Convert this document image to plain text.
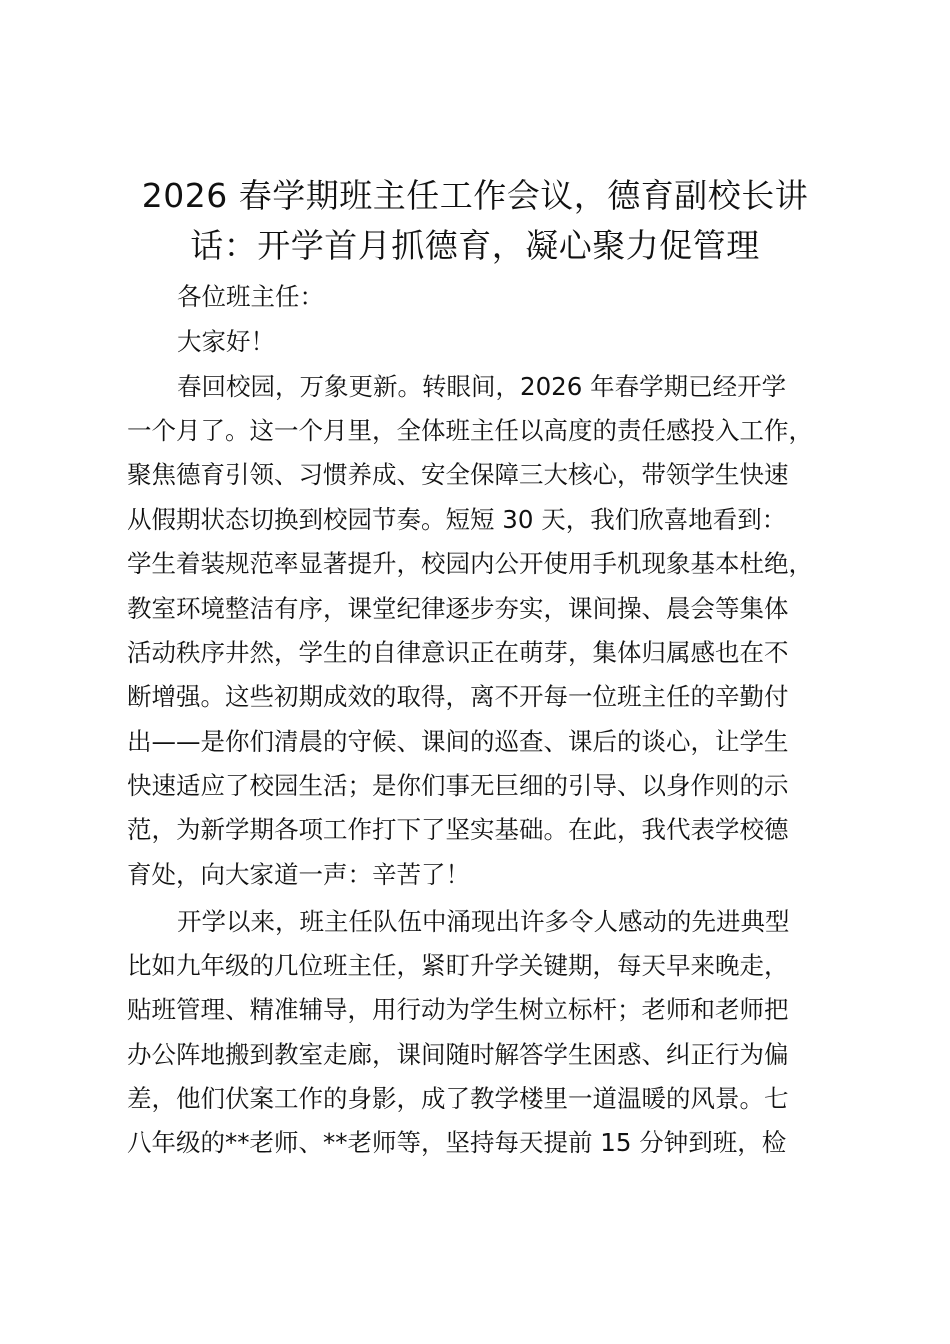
2026 春学期班主任工作会议，德育副校长讲
话：开学首月抓德育，凝心聚力促管理
各位班主任：
大家好！
春回校园，万象更新。转眼间，2026 年春学期已经开学
一个月了。这一个月里，全体班主任以高度的责任感投入工作，
聚焦德育引领、习惯养成、安全保障三大核心，带领学生快速
从假期状态切换到校园节奏。短短 30 天，我们欣喜地看到：
学生着装规范率显著提升，校园内公开使用手机现象基本杜绝，
教室环境整洁有序，课堂纪律逐步夯实，课间操、晨会等集体
活动秩序井然，学生的自律意识正在萌芽，集体归属感也在不
断增强。这些初期成效的取得，离不开每一位班主任的辛勤付
出——是你们清晨的守候、课间的巡查、课后的谈心，让学生
快速适应了校园生活；是你们事无巨细的引导、以身作则的示
范，为新学期各项工作打下了坚实基础。在此，我代表学校德
育处，向大家道一声：辛苦了！
开学以来，班主任队伍中涌现出许多令人感动的先进典型
比如九年级的几位班主任，紧盯升学关键期，每天早来晚走，
贴班管理、精准辅导，用行动为学生树立标杆；老师和老师把
办公阵地搬到教室走廊，课间随时解答学生困惑、纠正行为偏
差，他们伏案工作的身影，成了教学楼里一道温暖的风景。七
八年级的**老师、**老师等，坚持每天提前 15 分钟到班，检
